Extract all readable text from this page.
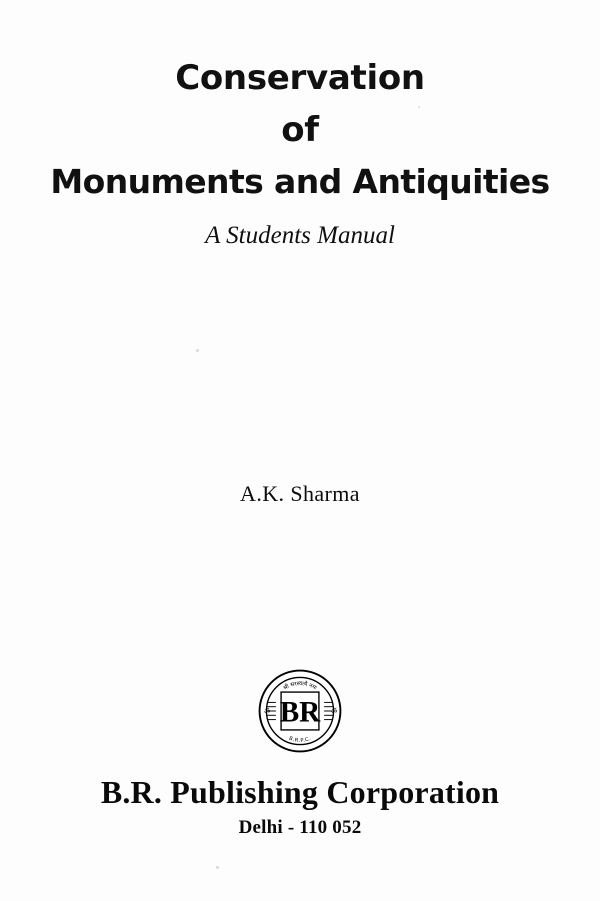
Conservation
of
Monuments and Antiquities
A Students Manual
A.K. Sharma
श्री सरस्वत्यै नमः
B.R.P.C.
BR
ॐ	ॐ
B.R. Publishing Corporation
Delhi - 110 052
